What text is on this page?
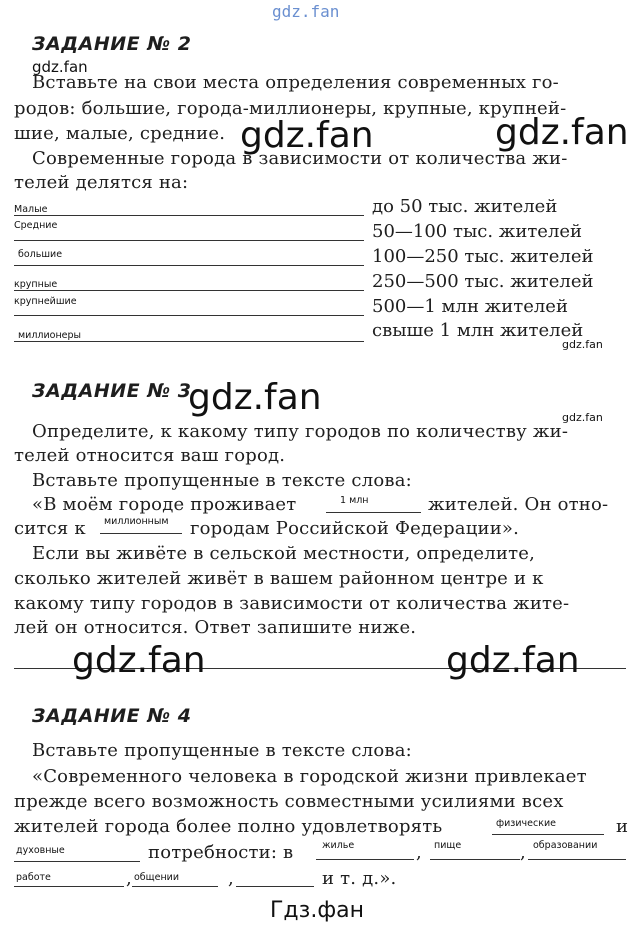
gdz.fan
ЗАДАНИЕ № 2
gdz.fan
Вставьте на свои места определения современных го-
родов: большие, города-миллионеры, крупные, крупней-
шие, малые, средние. gdz.fan	gdz.fan
Современные города в зависимости от количества жи-
телей делятся на:
Малые	до 50 тыс. жителей
Средние	50—100 тыс. жителей
большие	100—250 тыс. жителей
крупные	250—500 тыс. жителей
крупнейшие	500—1 млн жителей
миллионеры	свыше 1 млн жителей
gdz.fan
ЗАДАНИЕ № 3
gdz.fan	gdz.fan
Определите, к какому типу городов по количеству жи-
телей относится ваш город.
Вставьте пропущенные в тексте слова:
«В моём городе проживает	1 млн	жителей. Он отно-
сится к миллионным городам Российской Федерации».
Если вы живёте в сельской местности, определите,
сколько жителей живёт в вашем районном центре и к
какому типу городов в зависимости от количества жите-
лей он относится. Ответ запишите ниже.
gdz.fan	gdz.fan
ЗАДАНИЕ № 4
Вставьте пропущенные в тексте слова:
«Современного человека в городской жизни привлекает
прежде всего возможность совместными усилиями всех
жителей города более полно удовлетворять	физические	и
духовные	потребности: в	жилье	, пище	, образовании
работе	, общении	,	и т. д.».
Гдз.фан
